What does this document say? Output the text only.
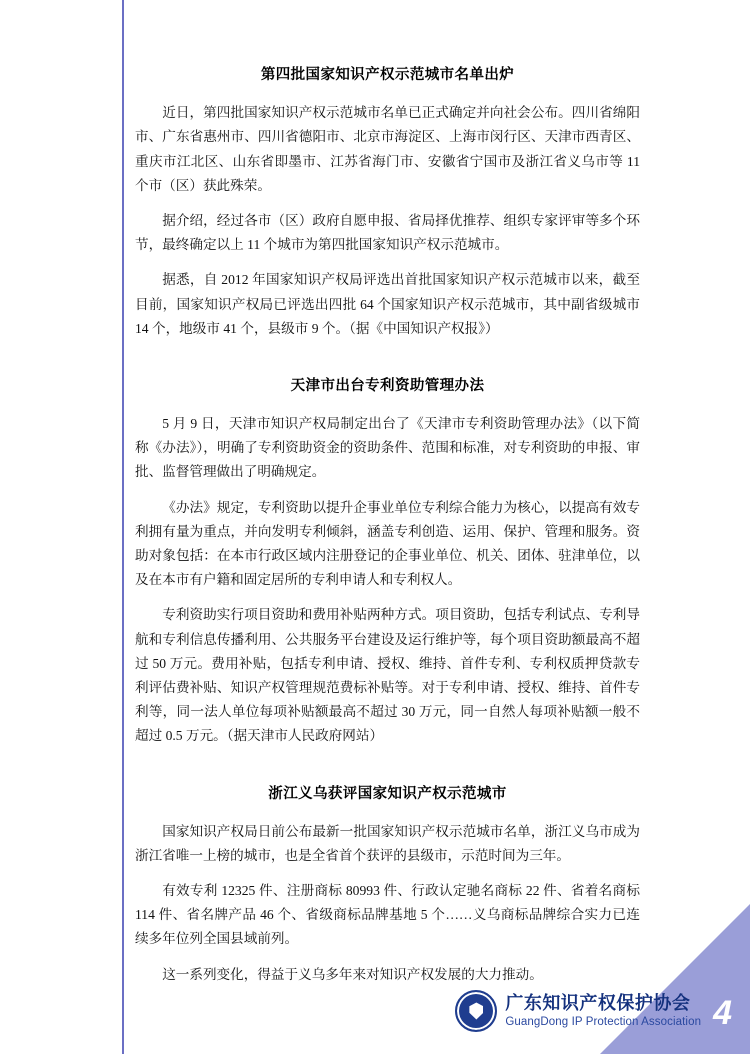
第四批国家知识产权示范城市名单出炉

近日，第四批国家知识产权示范城市名单已正式确定并向社会公布。四川省绵阳市、广东省惠州市、四川省德阳市、北京市海淀区、上海市闵行区、天津市西青区、重庆市江北区、山东省即墨市、江苏省海门市、安徽省宁国市及浙江省义乌市等 11 个市（区）获此殊荣。

据介绍，经过各市（区）政府自愿申报、省局择优推荐、组织专家评审等多个环节，最终确定以上 11 个城市为第四批国家知识产权示范城市。

据悉，自 2012 年国家知识产权局评选出首批国家知识产权示范城市以来，截至目前，国家知识产权局已评选出四批 64 个国家知识产权示范城市，其中副省级城市 14 个，地级市 41 个，县级市 9 个。（据《中国知识产权报》）

天津市出台专利资助管理办法

5 月 9 日，天津市知识产权局制定出台了《天津市专利资助管理办法》（以下简称《办法》），明确了专利资助资金的资助条件、范围和标准，对专利资助的申报、审批、监督管理做出了明确规定。

《办法》规定，专利资助以提升企事业单位专利综合能力为核心，以提高有效专利拥有量为重点，并向发明专利倾斜，涵盖专利创造、运用、保护、管理和服务。资助对象包括：在本市行政区域内注册登记的企事业单位、机关、团体、驻津单位，以及在本市有户籍和固定居所的专利申请人和专利权人。

专利资助实行项目资助和费用补贴两种方式。项目资助，包括专利试点、专利导航和专利信息传播利用、公共服务平台建设及运行维护等，每个项目资助额最高不超过 50 万元。费用补贴，包括专利申请、授权、维持、首件专利、专利权质押贷款专利评估费补贴、知识产权管理规范费标补贴等。对于专利申请、授权、维持、首件专利等，同一法人单位每项补贴额最高不超过 30 万元，同一自然人每项补贴额一般不超过 0.5 万元。（据天津市人民政府网站）

浙江义乌获评国家知识产权示范城市

国家知识产权局日前公布最新一批国家知识产权示范城市名单，浙江义乌市成为浙江省唯一上榜的城市，也是全省首个获评的县级市，示范时间为三年。

有效专利 12325 件、注册商标 80993 件、行政认定驰名商标 22 件、省着名商标 114 件、省名牌产品 46 个、省级商标品牌基地 5 个……义乌商标品牌综合实力已连续多年位列全国县域前列。

这一系列变化，得益于义乌多年来对知识产权发展的大力推动。

广东知识产权保护协会
GuangDong IP Protection Association 4
